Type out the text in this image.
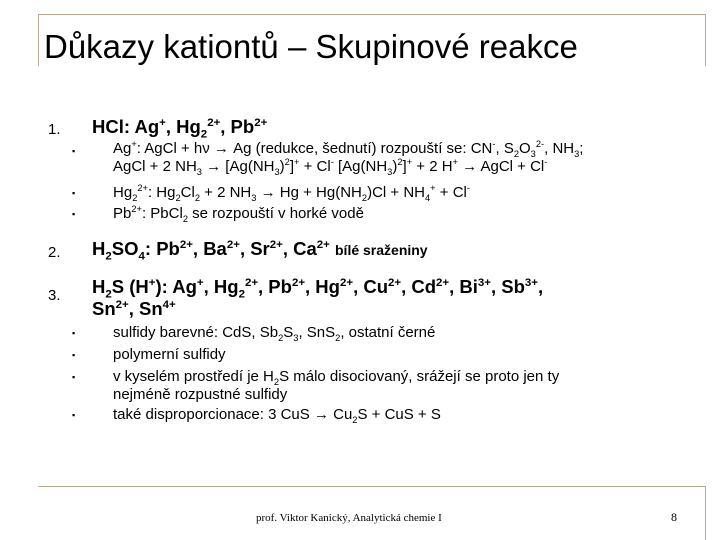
Důkazy kationtů – Skupinové reakce
1. HCl: Ag+, $Hg_2^{2+}$, $Pb^{2+}$
▪	Ag+: AgCl + hν → Ag (redukce, šednutí) rozpouští se: CN-, $S_2O_3^{2-}$, $NH_3$;
AgCl + 2 $NH_3 \to [Ag(NH_3)^2]^+ + Cl^-$ $[Ag(NH_3)^2]^+ + 2$ H+ → AgCl + Cl-
▪	$Hg_2^{2+}$: $Hg_2Cl_2 + 2$ $NH_3 \to Hg + Hg(NH_2)Cl + NH_4^+ + Cl^-$
▪	$Pb^{2+}$: PbCl$_2$ se rozpouští v horké vodě
2. $H_2SO_4$: $Pb^{2+}$, $Ba^{2+}$, $Sr^{2+}$, $Ca^{2+}$ bílé sraženiny
3. $H_2S$ (H+): Ag+, $Hg_2^{2+}$, $Pb^{2+}$, $Hg^{2+}$, $Cu^{2+}$, $Cd^{2+}$, $Bi^{3+}$, $Sb^{3+}$,
$Sn^{2+}$, $Sn^{4+}$
▪	sulfidy barevné: CdS, $Sb_2S_3$, SnS$_2$, ostatní černé
▪	polymerní sulfidy
▪	v kyselém prostředí je $H_2S$ málo disociovaný, srážejí se proto jen ty
nejméně rozpustné sulfidy
▪	také disproporcionace: 3 CuS → $Cu_2S$ + CuS + S
prof. Viktor Kanický, Analytická chemie I	8
